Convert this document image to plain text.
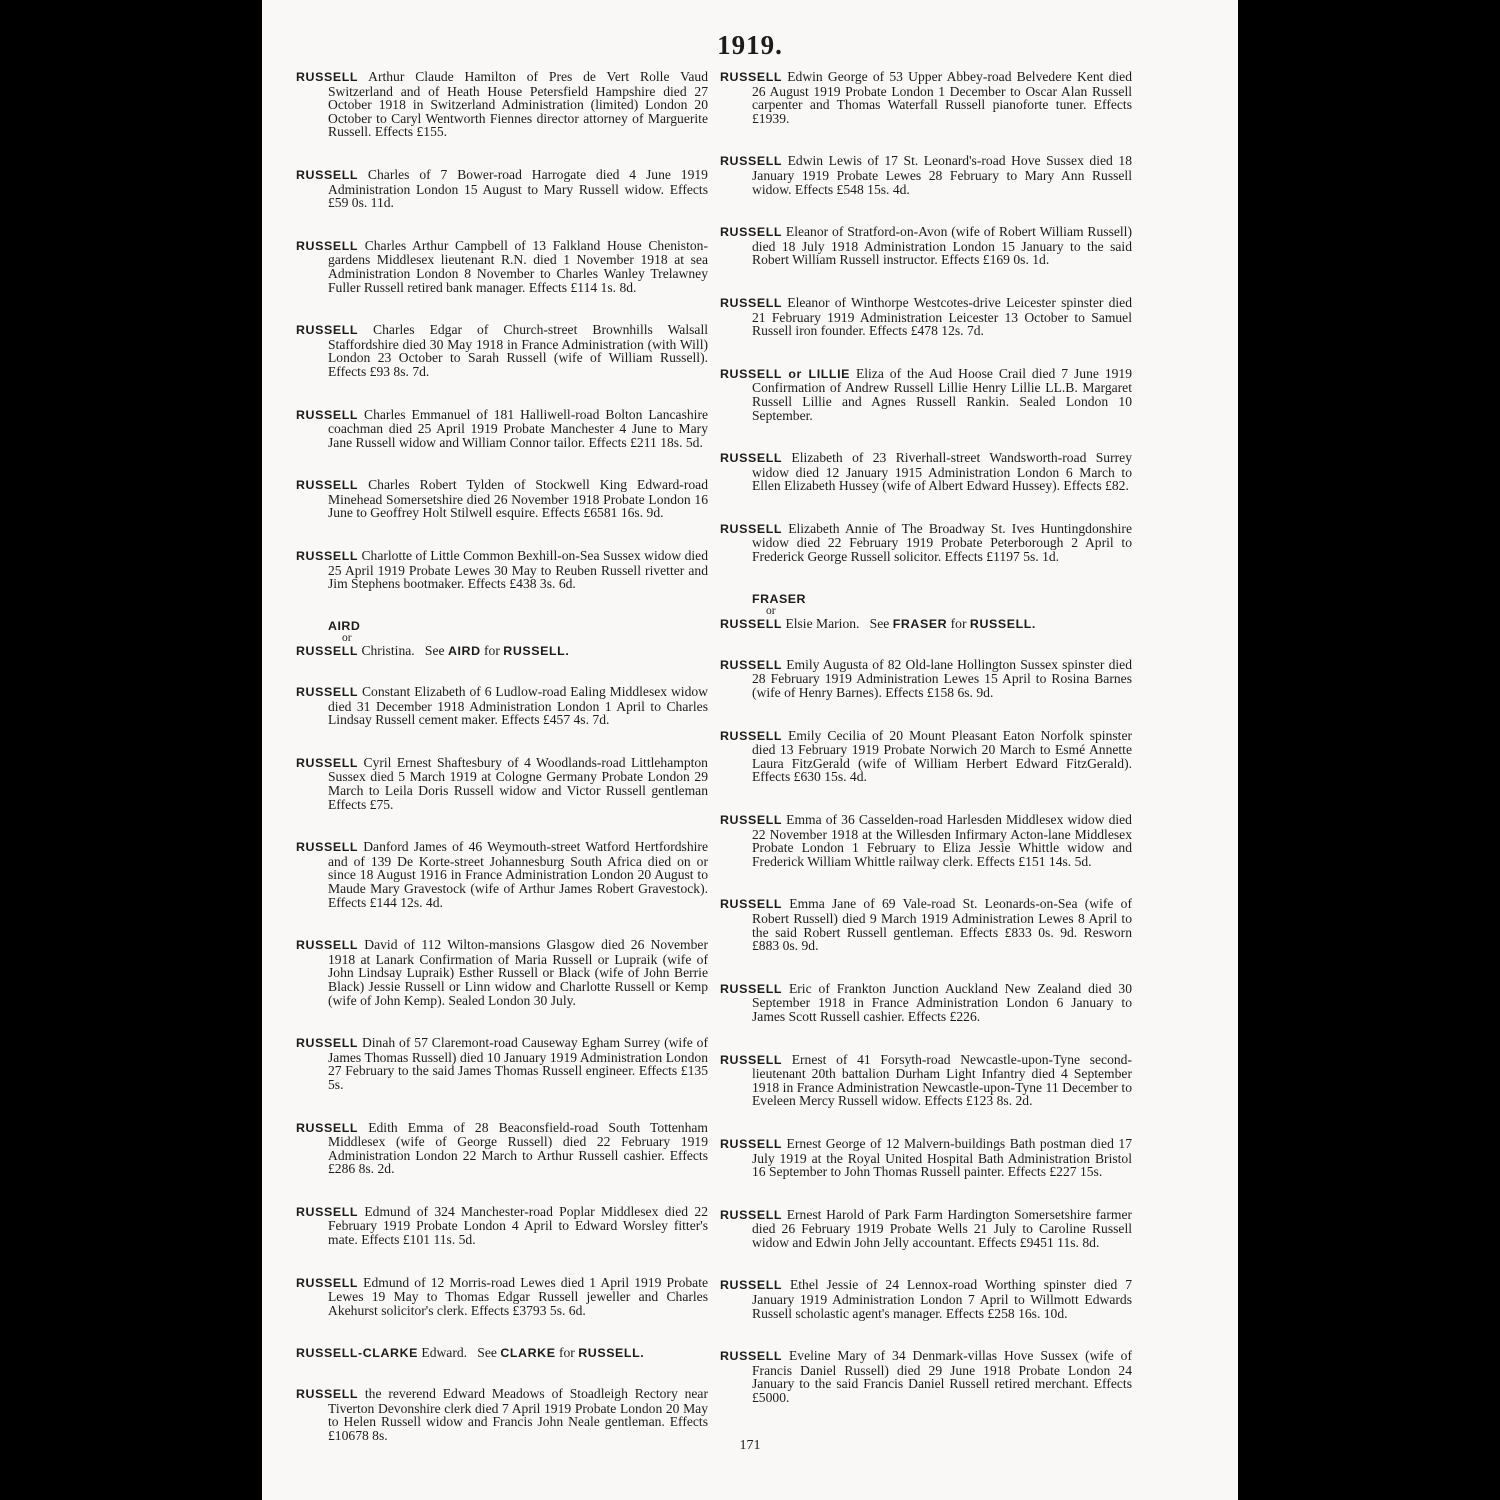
1919.

RUSSELL Arthur Claude Hamilton of Pres de Vert Rolle Vaud Switzerland and of Heath House Petersfield Hampshire died 27 October 1918 in Switzerland Administration (limited) London 20 October to Caryl Wentworth Fiennes director attorney of Marguerite Russell. Effects £155.

RUSSELL Charles of 7 Bower-road Harrogate died 4 June 1919 Administration London 15 August to Mary Russell widow. Effects £59 0s. 11d.

RUSSELL Charles Arthur Campbell of 13 Falkland House Cheniston-gardens Middlesex lieutenant R.N. died 1 November 1918 at sea Administration London 8 November to Charles Wanley Trelawney Fuller Russell retired bank manager. Effects £114 1s. 8d.

RUSSELL Charles Edgar of Church-street Brownhills Walsall Staffordshire died 30 May 1918 in France Administration (with Will) London 23 October to Sarah Russell (wife of William Russell). Effects £93 8s. 7d.

RUSSELL Charles Emmanuel of 181 Halliwell-road Bolton Lancashire coachman died 25 April 1919 Probate Manchester 4 June to Mary Jane Russell widow and William Connor tailor. Effects £211 18s. 5d.

RUSSELL Charles Robert Tylden of Stockwell King Edward-road Minehead Somersetshire died 26 November 1918 Probate London 16 June to Geoffrey Holt Stilwell esquire. Effects £6581 16s. 9d.

RUSSELL Charlotte of Little Common Bexhill-on-Sea Sussex widow died 25 April 1919 Probate Lewes 30 May to Reuben Russell rivetter and Jim Stephens bootmaker. Effects £438 3s. 6d.

AIRD
or
RUSSELL Christina. See AIRD for RUSSELL.

RUSSELL Constant Elizabeth of 6 Ludlow-road Ealing Middlesex widow died 31 December 1918 Administration London 1 April to Charles Lindsay Russell cement maker. Effects £457 4s. 7d.

RUSSELL Cyril Ernest Shaftesbury of 4 Woodlands-road Littlehampton Sussex died 5 March 1919 at Cologne Germany Probate London 29 March to Leila Doris Russell widow and Victor Russell gentleman Effects £75.

RUSSELL Danford James of 46 Weymouth-street Watford Hertfordshire and of 139 De Korte-street Johannesburg South Africa died on or since 18 August 1916 in France Administration London 20 August to Maude Mary Gravestock (wife of Arthur James Robert Gravestock). Effects £144 12s. 4d.

RUSSELL David of 112 Wilton-mansions Glasgow died 26 November 1918 at Lanark Confirmation of Maria Russell or Lupraik (wife of John Lindsay Lupraik) Esther Russell or Black (wife of John Berrie Black) Jessie Russell or Linn widow and Charlotte Russell or Kemp (wife of John Kemp). Sealed London 30 July.

RUSSELL Dinah of 57 Claremont-road Causeway Egham Surrey (wife of James Thomas Russell) died 10 January 1919 Administration London 27 February to the said James Thomas Russell engineer. Effects £135 5s.

RUSSELL Edith Emma of 28 Beaconsfield-road South Tottenham Middlesex (wife of George Russell) died 22 February 1919 Administration London 22 March to Arthur Russell cashier. Effects £286 8s. 2d.

RUSSELL Edmund of 324 Manchester-road Poplar Middlesex died 22 February 1919 Probate London 4 April to Edward Worsley fitter's mate. Effects £101 11s. 5d.

RUSSELL Edmund of 12 Morris-road Lewes died 1 April 1919 Probate Lewes 19 May to Thomas Edgar Russell jeweller and Charles Akehurst solicitor's clerk. Effects £3793 5s. 6d.

RUSSELL-CLARKE Edward. See CLARKE for RUSSELL.

RUSSELL the reverend Edward Meadows of Stoadleigh Rectory near Tiverton Devonshire clerk died 7 April 1919 Probate London 20 May to Helen Russell widow and Francis John Neale gentleman. Effects £10678 8s.

RUSSELL Edwin George of 53 Upper Abbey-road Belvedere Kent died 26 August 1919 Probate London 1 December to Oscar Alan Russell carpenter and Thomas Waterfall Russell pianoforte tuner. Effects £1939.

RUSSELL Edwin Lewis of 17 St. Leonard's-road Hove Sussex died 18 January 1919 Probate Lewes 28 February to Mary Ann Russell widow. Effects £548 15s. 4d.

RUSSELL Eleanor of Stratford-on-Avon (wife of Robert William Russell) died 18 July 1918 Administration London 15 January to the said Robert William Russell instructor. Effects £169 0s. 1d.

RUSSELL Eleanor of Winthorpe Westcotes-drive Leicester spinster died 21 February 1919 Administration Leicester 13 October to Samuel Russell iron founder. Effects £478 12s. 7d.

RUSSELL or LILLIE Eliza of the Aud Hoose Crail died 7 June 1919 Confirmation of Andrew Russell Lillie Henry Lillie LL.B. Margaret Russell Lillie and Agnes Russell Rankin. Sealed London 10 September.

RUSSELL Elizabeth of 23 Riverhall-street Wandsworth-road Surrey widow died 12 January 1915 Administration London 6 March to Ellen Elizabeth Hussey (wife of Albert Edward Hussey). Effects £82.

RUSSELL Elizabeth Annie of The Broadway St. Ives Huntingdonshire widow died 22 February 1919 Probate Peterborough 2 April to Frederick George Russell solicitor. Effects £1197 5s. 1d.

FRASER
or
RUSSELL Elsie Marion. See FRASER for RUSSELL.

RUSSELL Emily Augusta of 82 Old-lane Hollington Sussex spinster died 28 February 1919 Administration Lewes 15 April to Rosina Barnes (wife of Henry Barnes). Effects £158 6s. 9d.

RUSSELL Emily Cecilia of 20 Mount Pleasant Eaton Norfolk spinster died 13 February 1919 Probate Norwich 20 March to Esmé Annette Laura FitzGerald (wife of William Herbert Edward FitzGerald). Effects £630 15s. 4d.

RUSSELL Emma of 36 Casselden-road Harlesden Middlesex widow died 22 November 1918 at the Willesden Infirmary Acton-lane Middlesex Probate London 1 February to Eliza Jessie Whittle widow and Frederick William Whittle railway clerk. Effects £151 14s. 5d.

RUSSELL Emma Jane of 69 Vale-road St. Leonards-on-Sea (wife of Robert Russell) died 9 March 1919 Administration Lewes 8 April to the said Robert Russell gentleman. Effects £833 0s. 9d. Resworn £883 0s. 9d.

RUSSELL Eric of Frankton Junction Auckland New Zealand died 30 September 1918 in France Administration London 6 January to James Scott Russell cashier. Effects £226.

RUSSELL Ernest of 41 Forsyth-road Newcastle-upon-Tyne second-lieutenant 20th battalion Durham Light Infantry died 4 September 1918 in France Administration Newcastle-upon-Tyne 11 December to Eveleen Mercy Russell widow. Effects £123 8s. 2d.

RUSSELL Ernest George of 12 Malvern-buildings Bath postman died 17 July 1919 at the Royal United Hospital Bath Administration Bristol 16 September to John Thomas Russell painter. Effects £227 15s.

RUSSELL Ernest Harold of Park Farm Hardington Somersetshire farmer died 26 February 1919 Probate Wells 21 July to Caroline Russell widow and Edwin John Jelly accountant. Effects £9451 11s. 8d.

RUSSELL Ethel Jessie of 24 Lennox-road Worthing spinster died 7 January 1919 Administration London 7 April to Willmott Edwards Russell scholastic agent's manager. Effects £258 16s. 10d.

RUSSELL Eveline Mary of 34 Denmark-villas Hove Sussex (wife of Francis Daniel Russell) died 29 June 1918 Probate London 24 January to the said Francis Daniel Russell retired merchant. Effects £5000.

171
